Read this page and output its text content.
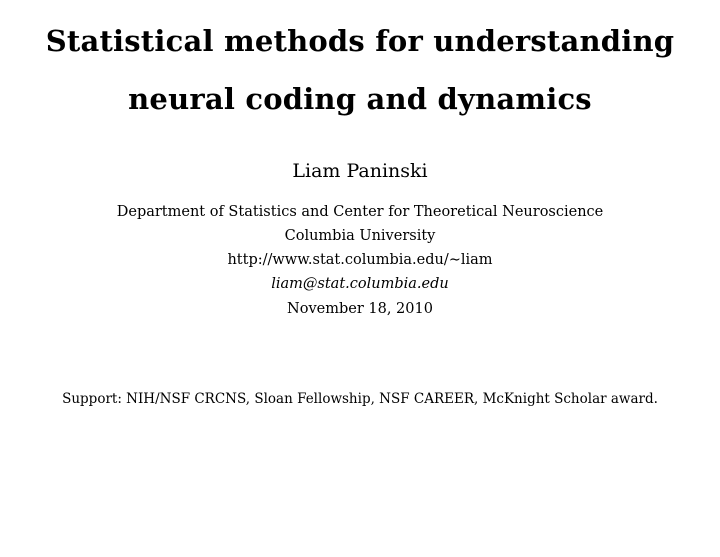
Statistical methods for understanding
neural coding and dynamics
Liam Paninski
Department of Statistics and Center for Theoretical Neuroscience
Columbia University
http://www.stat.columbia.edu/∼liam
liam@stat.columbia.edu
November 18, 2010
Support: NIH/NSF CRCNS, Sloan Fellowship, NSF CAREER, McKnight Scholar award.
